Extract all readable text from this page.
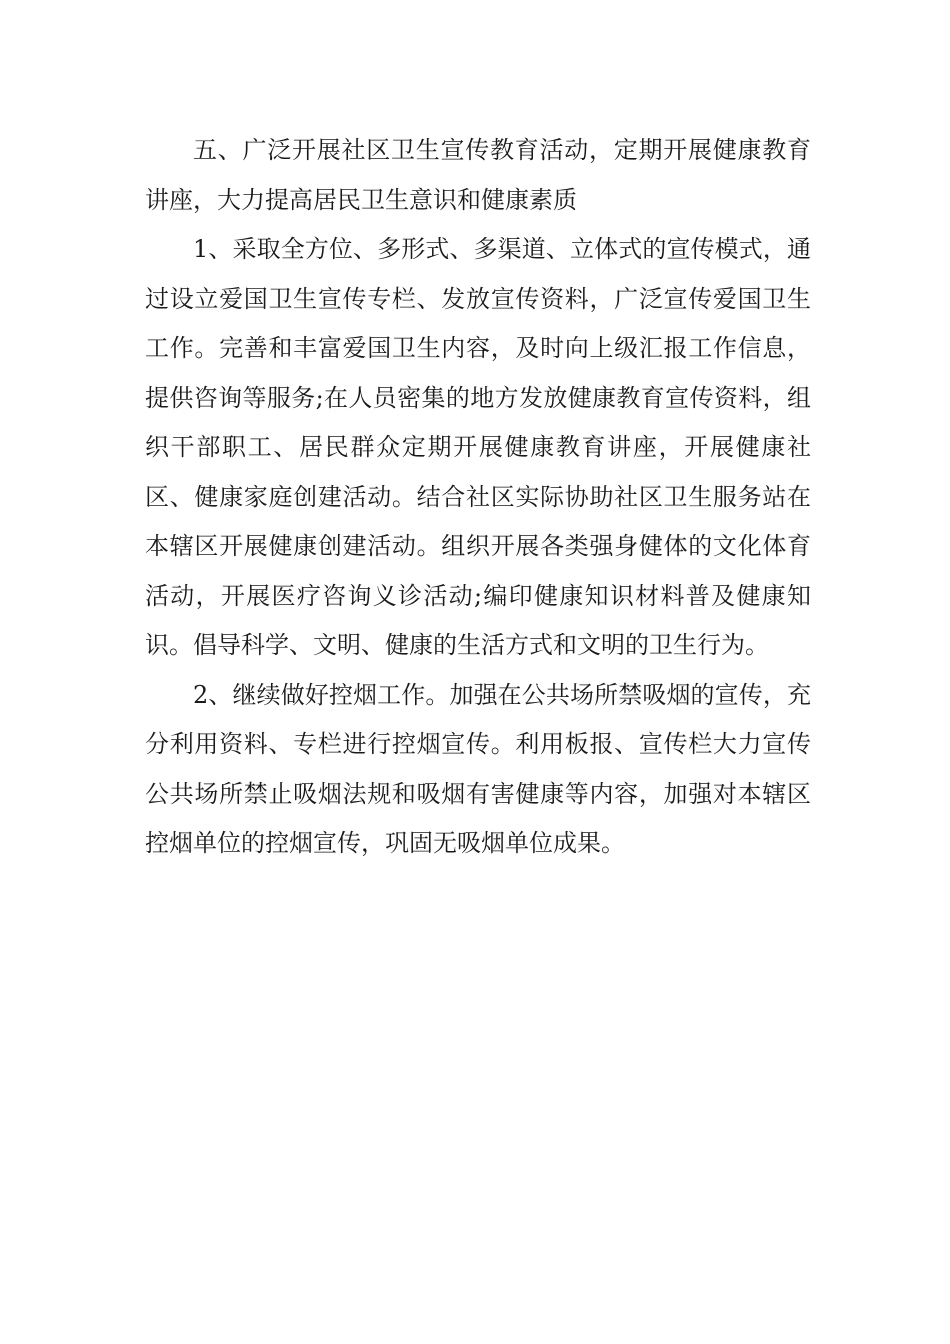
五、广泛开展社区卫生宣传教育活动，定期开展健康教育讲座，大力提高居民卫生意识和健康素质

1、采取全方位、多形式、多渠道、立体式的宣传模式，通过设立爱国卫生宣传专栏、发放宣传资料，广泛宣传爱国卫生工作。完善和丰富爱国卫生内容，及时向上级汇报工作信息，提供咨询等服务;在人员密集的地方发放健康教育宣传资料，组织干部职工、居民群众定期开展健康教育讲座，开展健康社区、健康家庭创建活动。结合社区实际协助社区卫生服务站在本辖区开展健康创建活动。组织开展各类强身健体的文化体育活动，开展医疗咨询义诊活动;编印健康知识材料普及健康知识。倡导科学、文明、健康的生活方式和文明的卫生行为。

2、继续做好控烟工作。加强在公共场所禁吸烟的宣传，充分利用资料、专栏进行控烟宣传。利用板报、宣传栏大力宣传公共场所禁止吸烟法规和吸烟有害健康等内容，加强对本辖区控烟单位的控烟宣传，巩固无吸烟单位成果。
